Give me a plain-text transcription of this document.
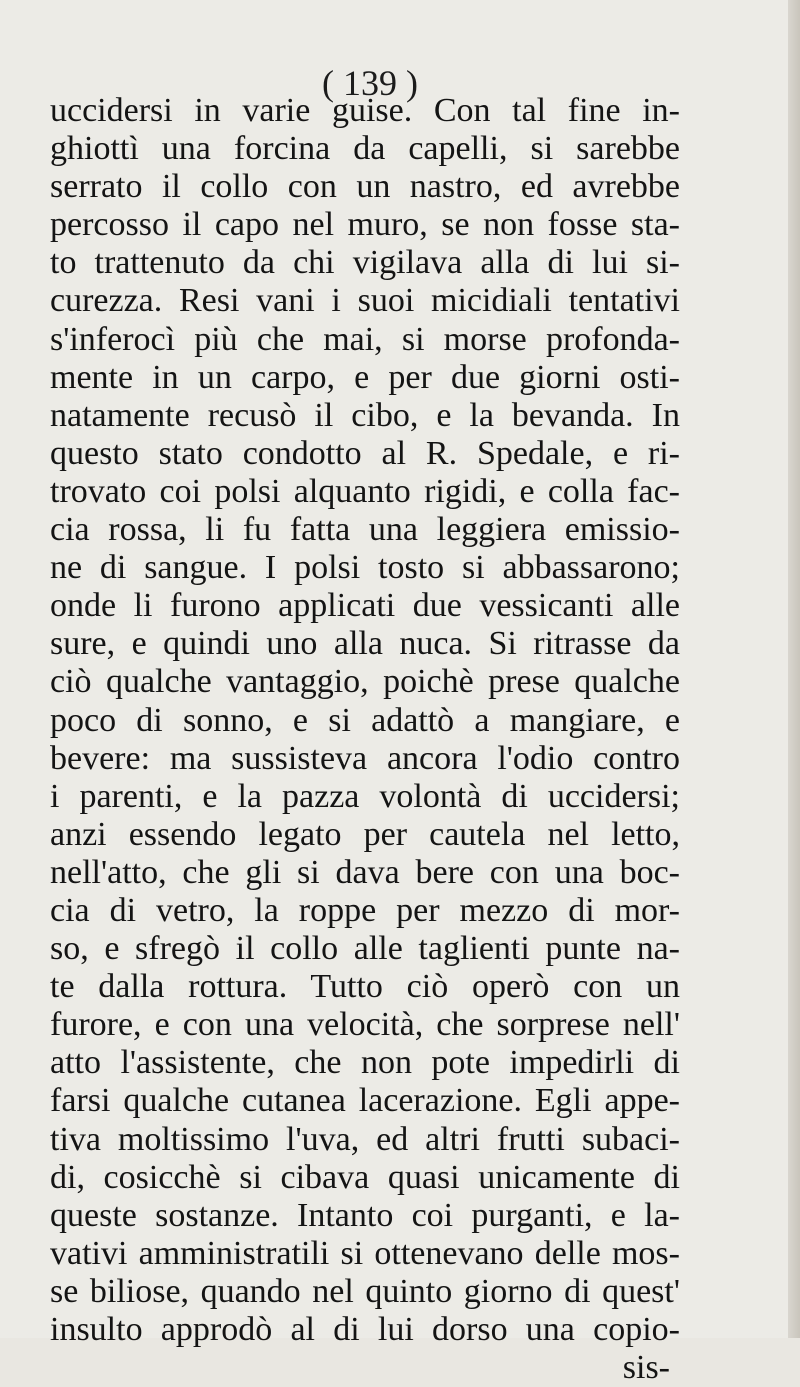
( 139 )
uccidersi in varie guise. Con tal fine in-
ghiottì una forcina da capelli, si sarebbe
serrato il collo con un nastro, ed avrebbe
percosso il capo nel muro, se non fosse sta-
to trattenuto da chi vigilava alla di lui si-
curezza. Resi vani i suoi micidiali tentativi
s'inferocì più che mai, si morse profonda-
mente in un carpo, e per due giorni osti-
natamente recusò il cibo, e la bevanda. In
questo stato condotto al R. Spedale, e ri-
trovato coi polsi alquanto rigidi, e colla fac-
cia rossa, li fu fatta una leggiera emissio-
ne di sangue. I polsi tosto si abbassarono;
onde li furono applicati due vessicanti alle
sure, e quindi uno alla nuca. Si ritrasse da
ciò qualche vantaggio, poichè prese qualche
poco di sonno, e si adattò a mangiare, e
bevere: ma sussisteva ancora l'odio contro
i parenti, e la pazza volontà di uccidersi;
anzi essendo legato per cautela nel letto,
nell'atto, che gli si dava bere con una boc-
cia di vetro, la roppe per mezzo di mor-
so, e sfregò il collo alle taglienti punte na-
te dalla rottura. Tutto ciò operò con un
furore, e con una velocità, che sorprese nell'
atto l'assistente, che non pote impedirli di
farsi qualche cutanea lacerazione. Egli appe-
tiva moltissimo l'uva, ed altri frutti subaci-
di, cosicchè si cibava quasi unicamente di
queste sostanze. Intanto coi purganti, e la-
vativi amministratili si ottenevano delle mos-
se biliose, quando nel quinto giorno di quest'
insulto approdò al di lui dorso una copio-
sis-
